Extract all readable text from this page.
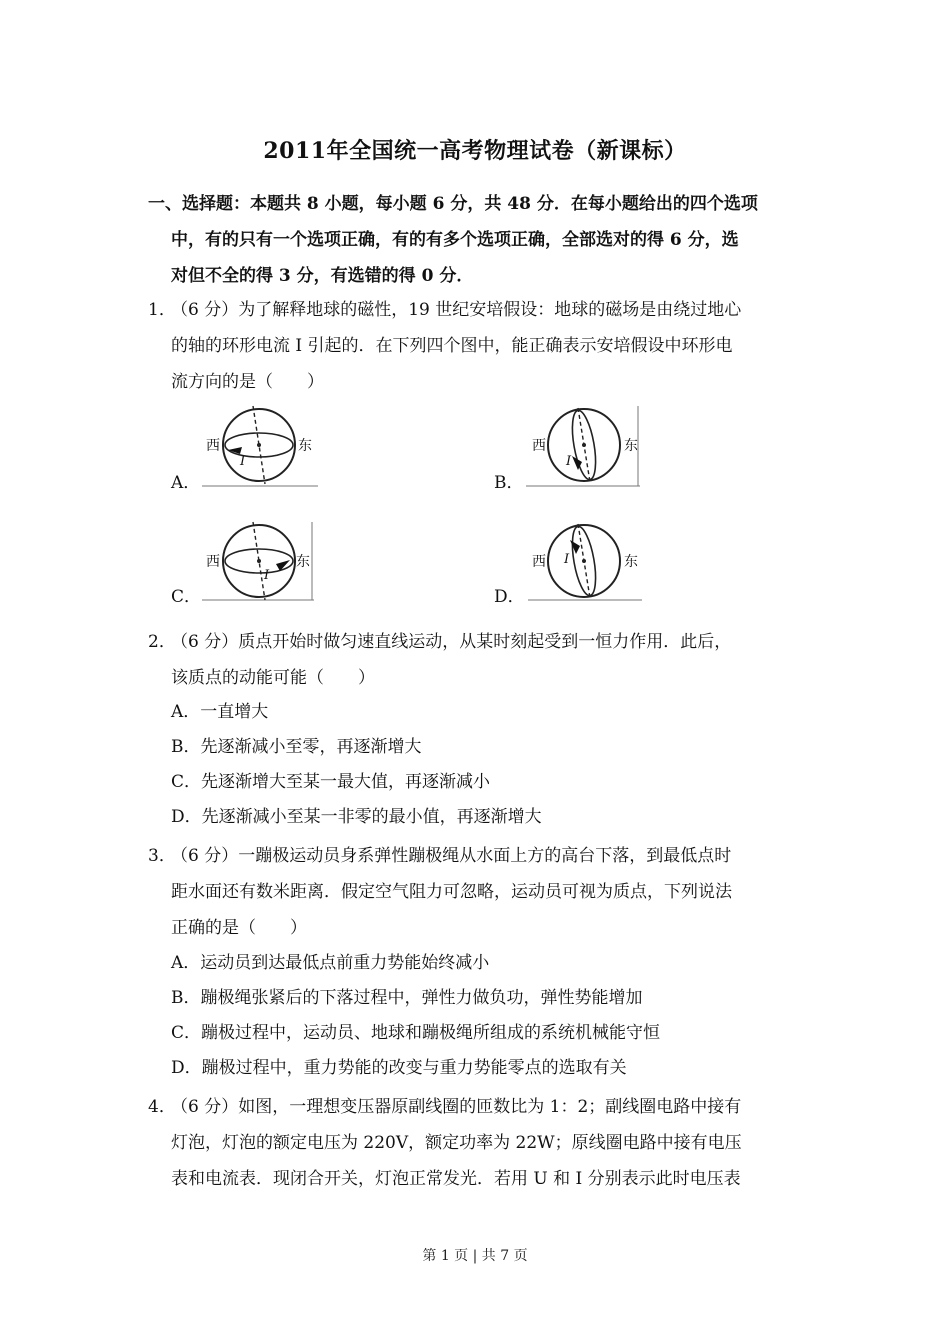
2011年全国统一高考物理试卷（新课标）
一、选择题：本题共 8 小题，每小题 6 分，共 48 分．在每小题给出的四个选项
中，有的只有一个选项正确，有的有多个选项正确，全部选对的得 6 分，选
对但不全的得 3 分，有选错的得 0 分．
1．
（6 分）为了解释地球的磁性，19 世纪安培假设：地球的磁场是由绕过地心
的轴的环形电流 I 引起的．在下列四个图中，能正确表示安培假设中环形电
流方向的是（　　）
A．
西	东
I
B．
西	东
I
C．
西	东
I
D．
西	东
I
2．
（6 分）质点开始时做匀速直线运动，从某时刻起受到一恒力作用．此后，
该质点的动能可能（　　）
A．一直增大
B．先逐渐减小至零，再逐渐增大
C．先逐渐增大至某一最大值，再逐渐减小
D．先逐渐减小至某一非零的最小值，再逐渐增大
3．
（6 分）一蹦极运动员身系弹性蹦极绳从水面上方的高台下落，到最低点时
距水面还有数米距离．假定空气阻力可忽略，运动员可视为质点，下列说法
正确的是（　　）
A．运动员到达最低点前重力势能始终减小
B．蹦极绳张紧后的下落过程中，弹性力做负功，弹性势能增加
C．蹦极过程中，运动员、地球和蹦极绳所组成的系统机械能守恒
D．蹦极过程中，重力势能的改变与重力势能零点的选取有关
4．
（6 分）如图，一理想变压器原副线圈的匝数比为 1：2；副线圈电路中接有
灯泡，灯泡的额定电压为 220V，额定功率为 22W；原线圈电路中接有电压
表和电流表．现闭合开关，灯泡正常发光．若用 U 和 I 分别表示此时电压表
第 1 页 | 共 7 页
